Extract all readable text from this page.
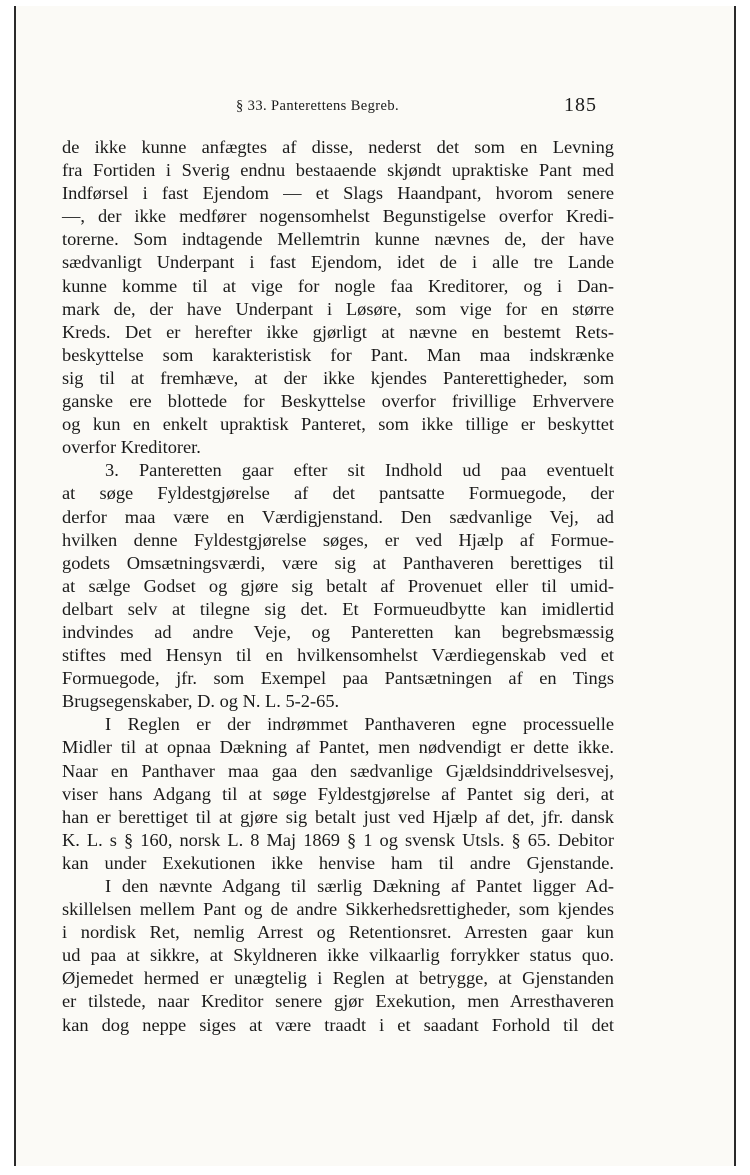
§ 33. Panterettens Begreb.	185
de ikke kunne anfægtes af disse, nederst det som en Levning
fra Fortiden i Sverig endnu bestaaende skjøndt upraktiske Pant med
Indførsel i fast Ejendom — et Slags Haandpant, hvorom senere
—, der ikke medfører nogensomhelst Begunstigelse overfor Kredi-
torerne. Som indtagende Mellemtrin kunne nævnes de, der have
sædvanligt Underpant i fast Ejendom, idet de i alle tre Lande
kunne komme til at vige for nogle faa Kreditorer, og i Dan-
mark de, der have Underpant i Løsøre, som vige for en større
Kreds. Det er herefter ikke gjørligt at nævne en bestemt Rets-
beskyttelse som karakteristisk for Pant. Man maa indskrænke
sig til at fremhæve, at der ikke kjendes Panterettigheder, som
ganske ere blottede for Beskyttelse overfor frivillige Erhververe
og kun en enkelt upraktisk Panteret, som ikke tillige er beskyttet
overfor Kreditorer.
3. Panteretten gaar efter sit Indhold ud paa eventuelt
at søge Fyldestgjørelse af det pantsatte Formuegode, der
derfor maa være en Værdigjenstand. Den sædvanlige Vej, ad
hvilken denne Fyldestgjørelse søges, er ved Hjælp af Formue-
godets Omsætningsværdi, være sig at Panthaveren berettiges til
at sælge Godset og gjøre sig betalt af Provenuet eller til umid-
delbart selv at tilegne sig det. Et Formueudbytte kan imidlertid
indvindes ad andre Veje, og Panteretten kan begrebsmæssig
stiftes med Hensyn til en hvilkensomhelst Værdiegenskab ved et
Formuegode, jfr. som Exempel paa Pantsætningen af en Tings
Brugsegenskaber, D. og N. L. 5-2-65.
I Reglen er der indrømmet Panthaveren egne processuelle
Midler til at opnaa Dækning af Pantet, men nødvendigt er dette ikke.
Naar en Panthaver maa gaa den sædvanlige Gjældsinddrivelsesvej,
viser hans Adgang til at søge Fyldestgjørelse af Pantet sig deri, at
han er berettiget til at gjøre sig betalt just ved Hjælp af det, jfr. dansk
K. L. s § 160, norsk L. 8 Maj 1869 § 1 og svensk Utsls. § 65. Debitor
kan under Exekutionen ikke henvise ham til andre Gjenstande.
I den nævnte Adgang til særlig Dækning af Pantet ligger Ad-
skillelsen mellem Pant og de andre Sikkerhedsrettigheder, som kjendes
i nordisk Ret, nemlig Arrest og Retentionsret. Arresten gaar kun
ud paa at sikkre, at Skyldneren ikke vilkaarlig forrykker status quo.
Øjemedet hermed er unægtelig i Reglen at betrygge, at Gjenstanden
er tilstede, naar Kreditor senere gjør Exekution, men Arresthaveren
kan dog neppe siges at være traadt i et saadant Forhold til det
